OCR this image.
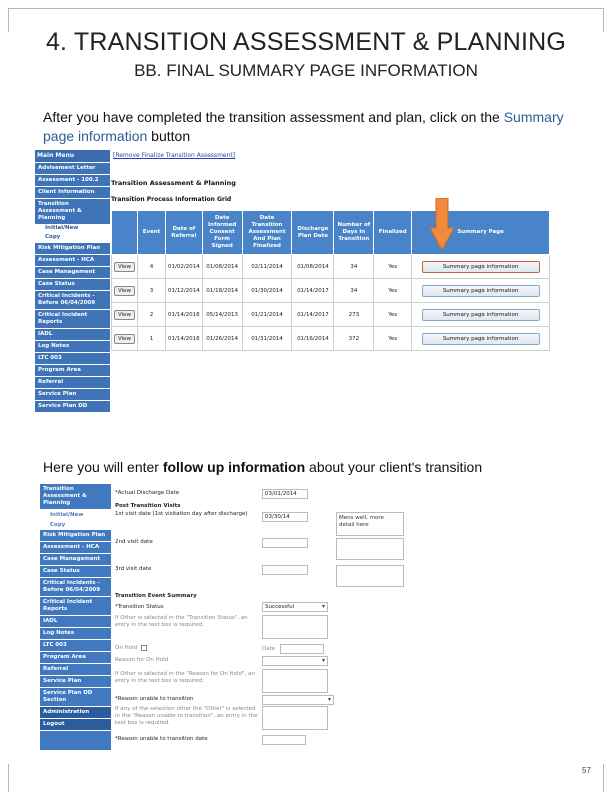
4. TRANSITION ASSESSMENT & PLANNING
BB. FINAL SUMMARY PAGE INFORMATION

After you have completed the transition assessment and plan, click on the Summary page information button

Main Menu
Advisement Letter
Assessment - 100.2
Client Information
Transition Assessment & Planning
Initial/New
Copy
Risk Mitigation Plan
Assessment - HCA
Case Management
Case Status
Critical Incidents - Before 06/04/2009
Critical Incident Reports
IADL
Log Notes
LTC 003
Program Area
Referral
Service Plan
Service Plan DD
[Remove Finalize Transition Assessment]
Transition Assessment & Planning
Transition Process Information Grid
	Event	Date of Referral	Date Informed Consent Form Signed	Date Transition Assessment And Plan Finalized	Discharge Plan Date	Number of Days in Transition	Finalized	Summary Page
View	4	01/02/2014	01/08/2014	02/11/2014	01/08/2014	34	Yes	Summary page information
View	3	01/12/2014	01/18/2014	01/30/2014	01/14/2017	34	Yes	Summary page information
View	2	01/14/2018	05/14/2013	01/21/2014	01/14/2017	273	Yes	Summary page information
View	1	01/14/2018	01/26/2014	01/31/2014	01/16/2014	372	Yes	Summary page information

Here you will enter follow up information about your client's transition

Transition Assessment & Planning
Initial/New
Copy
Risk Mitigation Plan
Assessment - HCA
Case Management
Case Status
Critical Incidents - Before 06/04/2009
Critical Incident Reports
IADL
Log Notes
LTC 003
Program Area
Referral
Service Plan
Service Plan DD Section
Administration
Logout
*Actual Discharge Date	03/01/2014
Post Transition Visits
1st visit date (1st visitation day after discharge)	03/30/14	Mens well, more detail here
2nd visit date
3rd visit date
Transition Event Summary
*Transition Status	Successful ▾
If Other is selected in the "Transition Status", an entry in the text box is required.
On Hold	Date
Reason for On Hold
▾
If Other is selected in the "Reason for On Hold", an entry in the text box is required.
*Reason unable to transition
▾
If any of the selection other the "Other" is selected in the "Reason unable to transition", an entry in the text box is required.
*Reason unable to transition date
57
